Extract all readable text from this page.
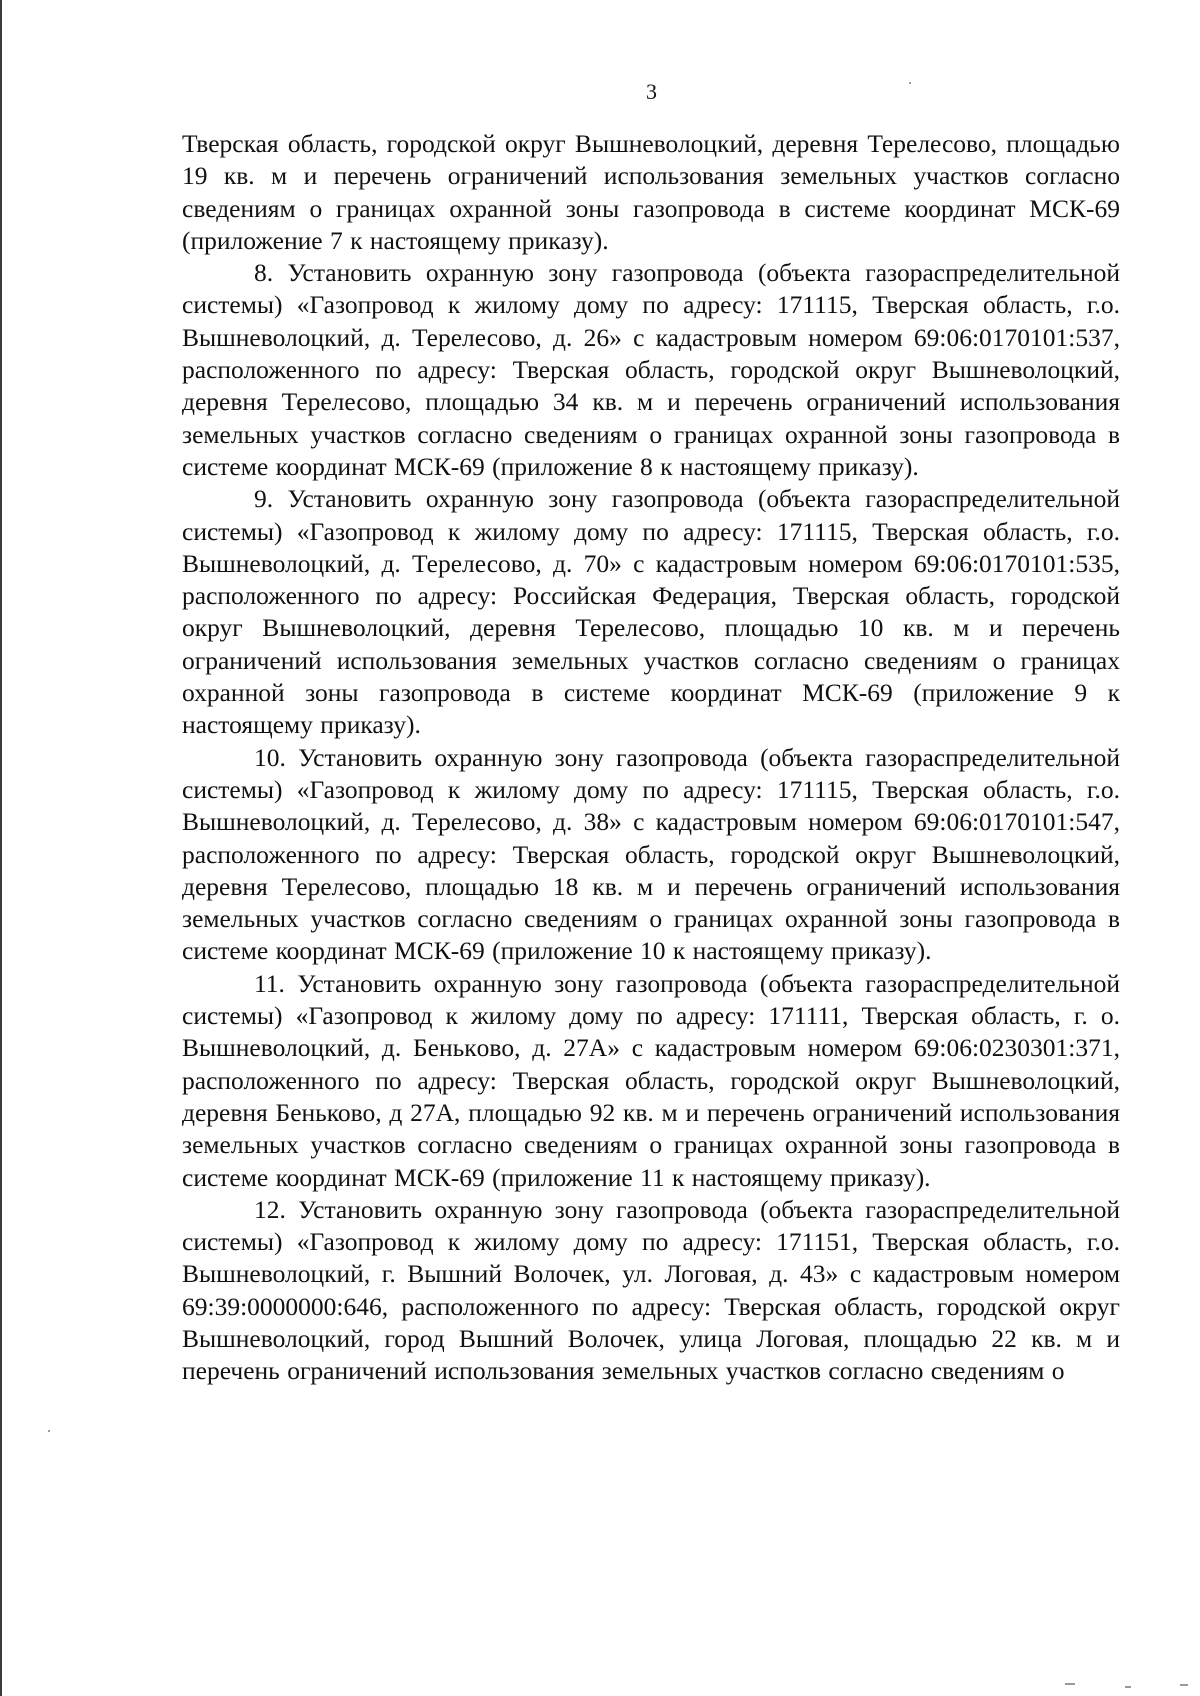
3

Тверская область, городской округ Вышневолоцкий, деревня Терелесово, площадью 19 кв. м и перечень ограничений использования земельных участков согласно сведениям о границах охранной зоны газопровода в системе координат МСК-69 (приложение 7 к настоящему приказу).

8. Установить охранную зону газопровода (объекта газораспределительной системы) «Газопровод к жилому дому по адресу: 171115, Тверская область, г.о. Вышневолоцкий, д. Терелесово, д. 26» с кадастровым номером 69:06:0170101:537, расположенного по адресу: Тверская область, городской округ Вышневолоцкий, деревня Терелесово, площадью 34 кв. м и перечень ограничений использования земельных участков согласно сведениям о границах охранной зоны газопровода в системе координат МСК-69 (приложение 8 к настоящему приказу).

9. Установить охранную зону газопровода (объекта газораспределительной системы) «Газопровод к жилому дому по адресу: 171115, Тверская область, г.о. Вышневолоцкий, д. Терелесово, д. 70» с кадастровым номером 69:06:0170101:535, расположенного по адресу: Российская Федерация, Тверская область, городской округ Вышневолоцкий, деревня Терелесово, площадью 10 кв. м и перечень ограничений использования земельных участков согласно сведениям о границах охранной зоны газопровода в системе координат МСК-69 (приложение 9 к настоящему приказу).

10. Установить охранную зону газопровода (объекта газораспределительной системы) «Газопровод к жилому дому по адресу: 171115, Тверская область, г.о. Вышневолоцкий, д. Терелесово, д. 38» с кадастровым номером 69:06:0170101:547, расположенного по адресу: Тверская область, городской округ Вышневолоцкий, деревня Терелесово, площадью 18 кв. м и перечень ограничений использования земельных участков согласно сведениям о границах охранной зоны газопровода в системе координат МСК-69 (приложение 10 к настоящему приказу).

11. Установить охранную зону газопровода (объекта газораспределительной системы) «Газопровод к жилому дому по адресу: 171111, Тверская область, г. о. Вышневолоцкий, д. Бeнькoвo, д. 27А» с кадастровым номером 69:06:0230301:371, расположенного по адресу: Тверская область, городской округ Вышневолоцкий, деревня Беньково, д 27А, площадью 92 кв. м и перечень ограничений использования земельных участков согласно сведениям о границах охранной зоны газопровода в системе координат МСК-69 (приложение 11 к настоящему приказу).

12. Установить охранную зону газопровода (объекта газораспределительной системы) «Газопровод к жилому дому по адресу: 171151, Тверская область, г.о. Вышневолоцкий, г. Вышний Волочек, ул. Логовая, д. 43» с кадастровым номером 69:39:0000000:646, расположенного по адресу: Тверская область, городской округ Вышневолоцкий, город Вышний Волочек, улица Логовая, площадью 22 кв. м и перечень ограничений использования земельных участков согласно сведениям о
